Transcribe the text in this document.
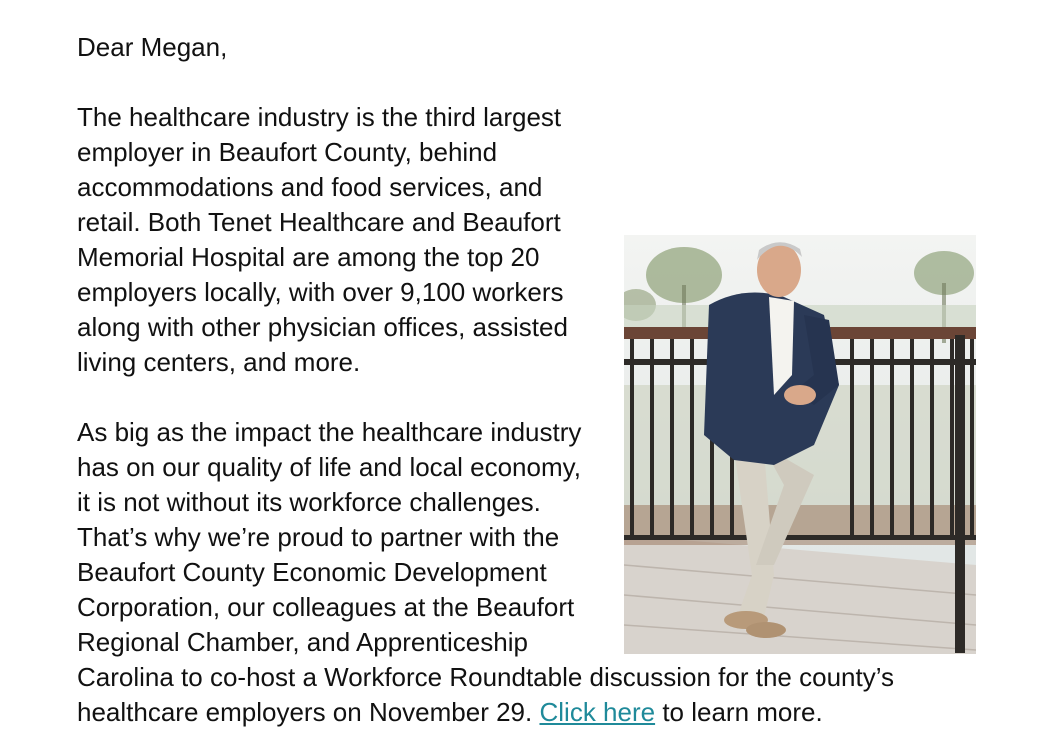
Dear Megan,

The healthcare industry is the third largest employer in Beaufort County, behind accommodations and food services, and retail. Both Tenet Healthcare and Beaufort Memorial Hospital are among the top 20 employers locally, with over 9,100 workers along with other physician offices, assisted living centers, and more.

As big as the impact the healthcare industry has on our quality of life and local economy, it is not without its workforce challenges. That’s why we’re proud to partner with the Beaufort County Economic Development Corporation, our colleagues at the Beaufort Regional Chamber, and Apprenticeship Carolina to co-host a Workforce Roundtable discussion for the county’s healthcare employers on November 29. Click here to learn more.
